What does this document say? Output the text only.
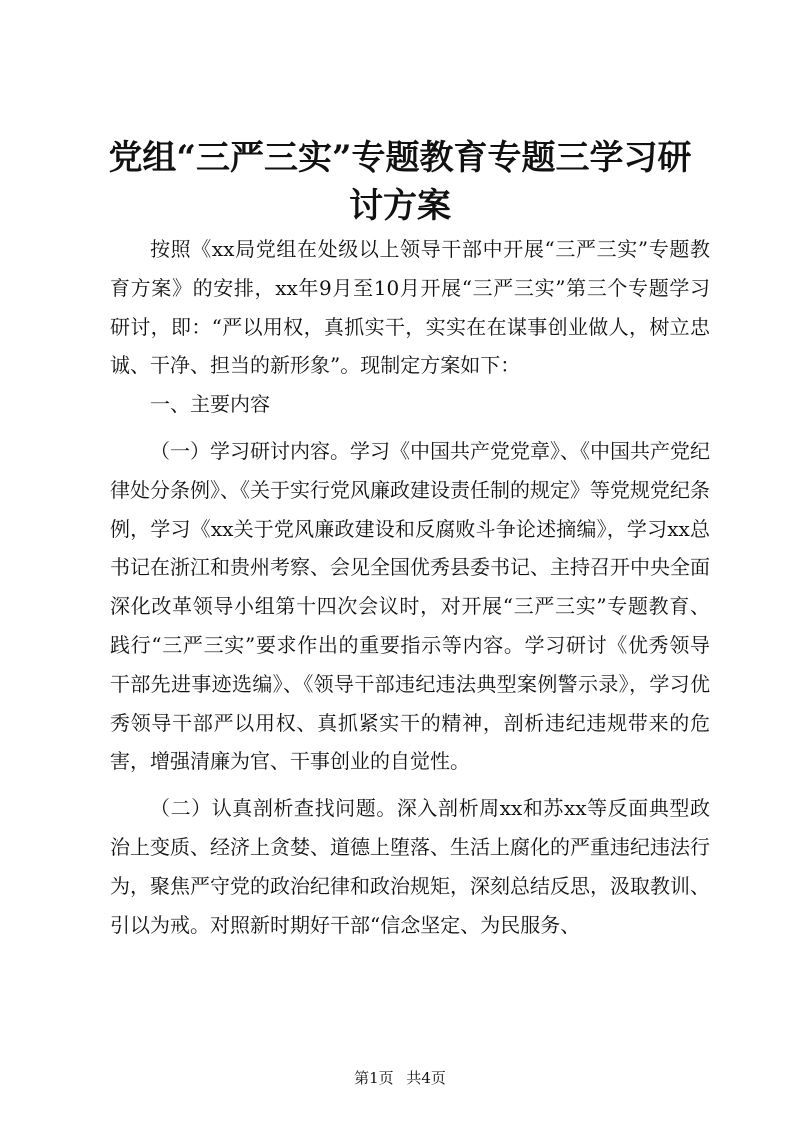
党组“三严三实”专题教育专题三学习研讨方案

按照《xx局党组在处级以上领导干部中开展“三严三实”专题教育方案》的安排，xx年9月至10月开展“三严三实”第三个专题学习研讨，即：“严以用权，真抓实干，实实在在谋事创业做人，树立忠诚、干净、担当的新形象”。现制定方案如下：

一、主要内容

（一）学习研讨内容。学习《中国共产党党章》、《中国共产党纪律处分条例》、《关于实行党风廉政建设责任制的规定》等党规党纪条例，学习《xx关于党风廉政建设和反腐败斗争论述摘编》，学习xx总书记在浙江和贵州考察、会见全国优秀县委书记、主持召开中央全面深化改革领导小组第十四次会议时，对开展“三严三实”专题教育、践行“三严三实”要求作出的重要指示等内容。学习研讨《优秀领导干部先进事迹选编》、《领导干部违纪违法典型案例警示录》，学习优秀领导干部严以用权、真抓紧实干的精神，剖析违纪违规带来的危害，增强清廉为官、干事创业的自觉性。

（二）认真剖析查找问题。深入剖析周xx和苏xx等反面典型政治上变质、经济上贪婪、道德上堕落、生活上腐化的严重违纪违法行为，聚焦严守党的政治纪律和政治规矩，深刻总结反思，汲取教训、引以为戒。对照新时期好干部“信念坚定、为民服务、

第1页 共4页
